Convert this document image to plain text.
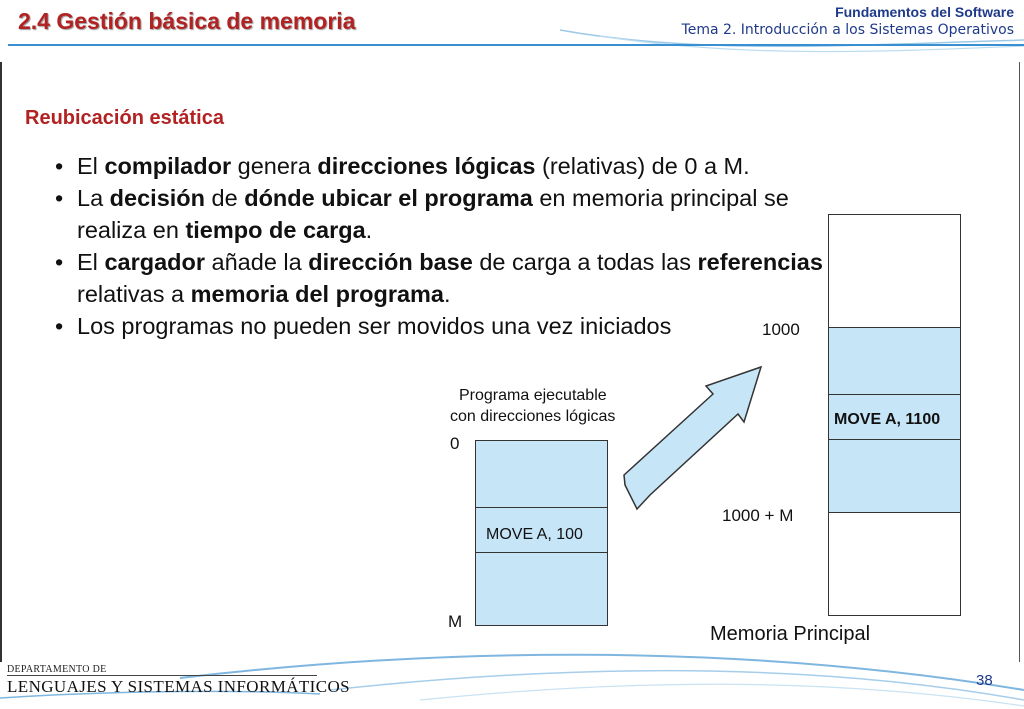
2.4 Gestión básica de memoria	Fundamentos del Software
Tema 2. Introducción a los Sistemas Operativos
Reubicación estática
• El compilador genera direcciones lógicas (relativas) de 0 a M.
• La decisión de dónde ubicar el programa en memoria principal se realiza en tiempo de carga.
• El cargador añade la dirección base de carga a todas las referencias relativas a memoria del programa.
• Los programas no pueden ser movidos una vez iniciados
Programa ejecutable
con direcciones lógicas
0
M
MOVE A, 100
1000
1000 + M
MOVE A, 1100
Memoria Principal
DEPARTAMENTO DE
LENGUAJES Y SISTEMAS INFORMÁTICOS	38
